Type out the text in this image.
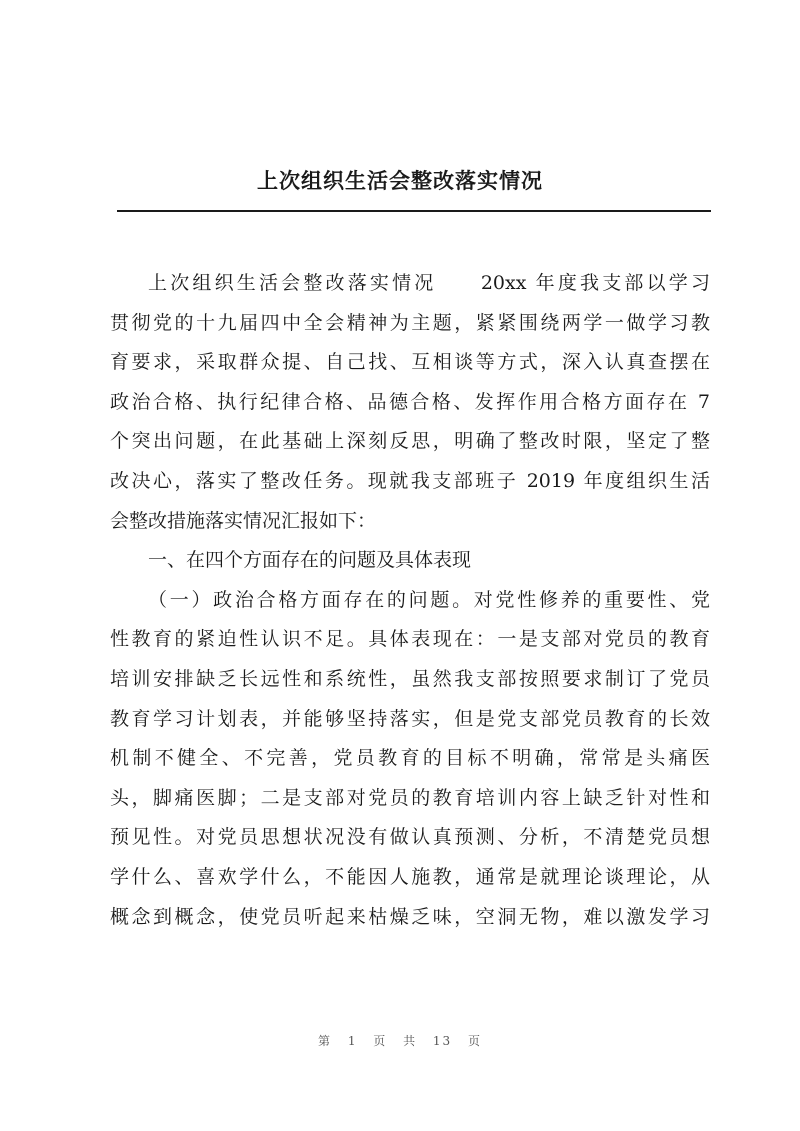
上次组织生活会整改落实情况
上次组织生活会整改落实情况　　20xx 年度我支部以学习
贯彻党的十九届四中全会精神为主题，紧紧围绕两学一做学习教
育要求，采取群众提、自己找、互相谈等方式，深入认真查摆在
政治合格、执行纪律合格、品德合格、发挥作用合格方面存在 7
个突出问题，在此基础上深刻反思，明确了整改时限，坚定了整
改决心，落实了整改任务。现就我支部班子 2019 年度组织生活
会整改措施落实情况汇报如下：
一、在四个方面存在的问题及具体表现
（一）政治合格方面存在的问题。对党性修养的重要性、党
性教育的紧迫性认识不足。具体表现在：一是支部对党员的教育
培训安排缺乏长远性和系统性，虽然我支部按照要求制订了党员
教育学习计划表，并能够坚持落实，但是党支部党员教育的长效
机制不健全、不完善，党员教育的目标不明确，常常是头痛医
头，脚痛医脚；二是支部对党员的教育培训内容上缺乏针对性和
预见性。对党员思想状况没有做认真预测、分析，不清楚党员想
学什么、喜欢学什么，不能因人施教，通常是就理论谈理论，从
概念到概念，使党员听起来枯燥乏味，空洞无物，难以激发学习
第 1 页 共 13 页
